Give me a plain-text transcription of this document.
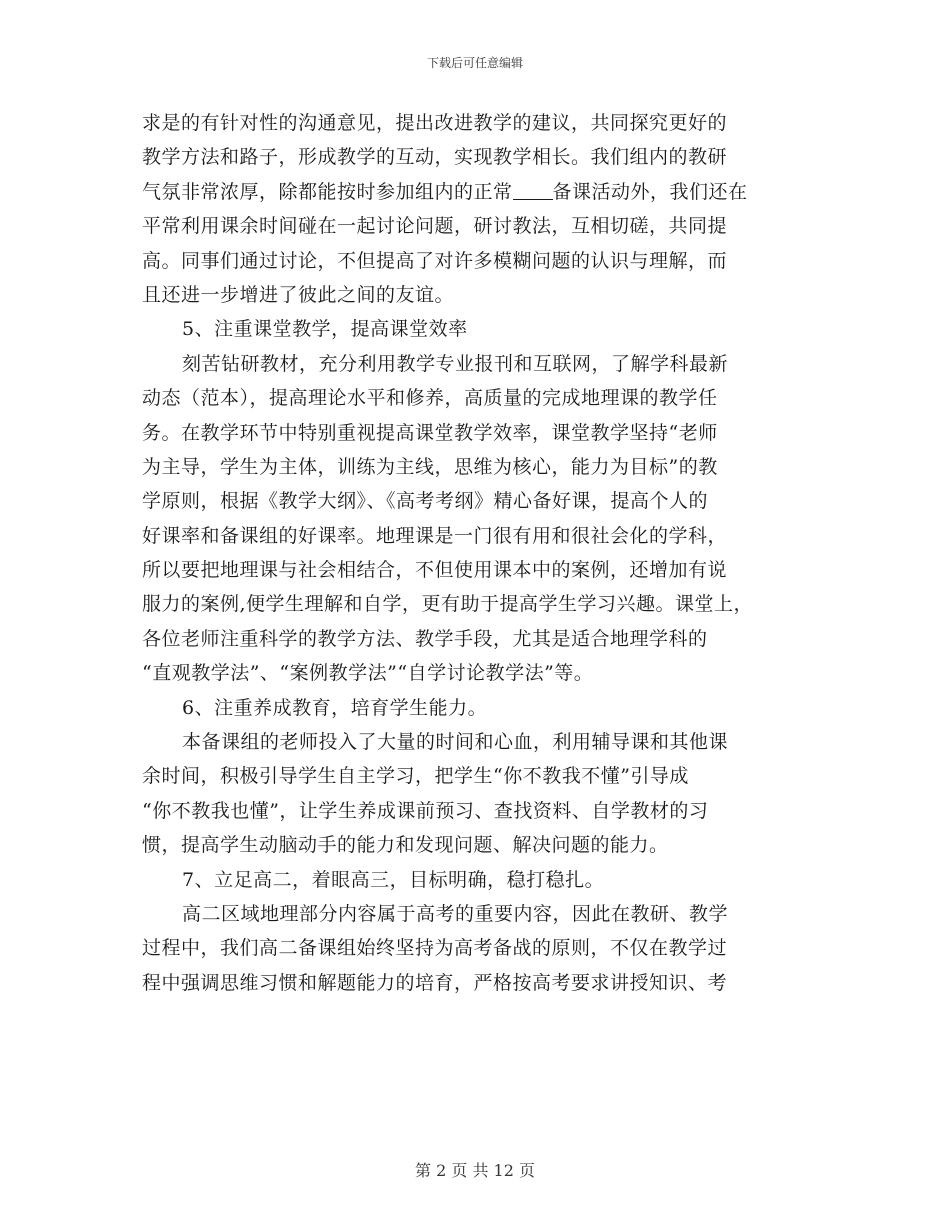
下载后可任意编辑
求是的有针对性的沟通意见，提出改进教学的建议，共同探究更好的
教学方法和路子，形成教学的互动，实现教学相长。我们组内的教研
气氛非常浓厚，除都能按时参加组内的正常 备课活动外，我们还在
平常利用课余时间碰在一起讨论问题，研讨教法，互相切磋，共同提
高。同事们通过讨论，不但提高了对许多模糊问题的认识与理解，而
且还进一步增进了彼此之间的友谊。
5、注重课堂教学，提高课堂效率
刻苦钻研教材，充分利用教学专业报刊和互联网，了解学科最新
动态（范本），提高理论水平和修养，高质量的完成地理课的教学任
务。在教学环节中特别重视提高课堂教学效率，课堂教学坚持“老师
为主导，学生为主体，训练为主线，思维为核心，能力为目标”的教
学原则，根据《教学大纲》、《高考考纲》精心备好课，提高个人的
好课率和备课组的好课率。地理课是一门很有用和很社会化的学科，
所以要把地理课与社会相结合，不但使用课本中的案例，还增加有说
服力的案例,便学生理解和自学，更有助于提高学生学习兴趣。课堂上，
各位老师注重科学的教学方法、教学手段，尤其是适合地理学科的
“直观教学法”、“案例教学法”“自学讨论教学法”等。
6、注重养成教育，培育学生能力。
本备课组的老师投入了大量的时间和心血，利用辅导课和其他课
余时间，积极引导学生自主学习，把学生“你不教我不懂”引导成
“你不教我也懂”，让学生养成课前预习、查找资料、自学教材的习
惯，提高学生动脑动手的能力和发现问题、解决问题的能力。
7、立足高二，着眼高三，目标明确，稳打稳扎。
高二区域地理部分内容属于高考的重要内容，因此在教研、教学
过程中，我们高二备课组始终坚持为高考备战的原则，不仅在教学过
程中强调思维习惯和解题能力的培育，严格按高考要求讲授知识、考
第 2 页 共 12 页
